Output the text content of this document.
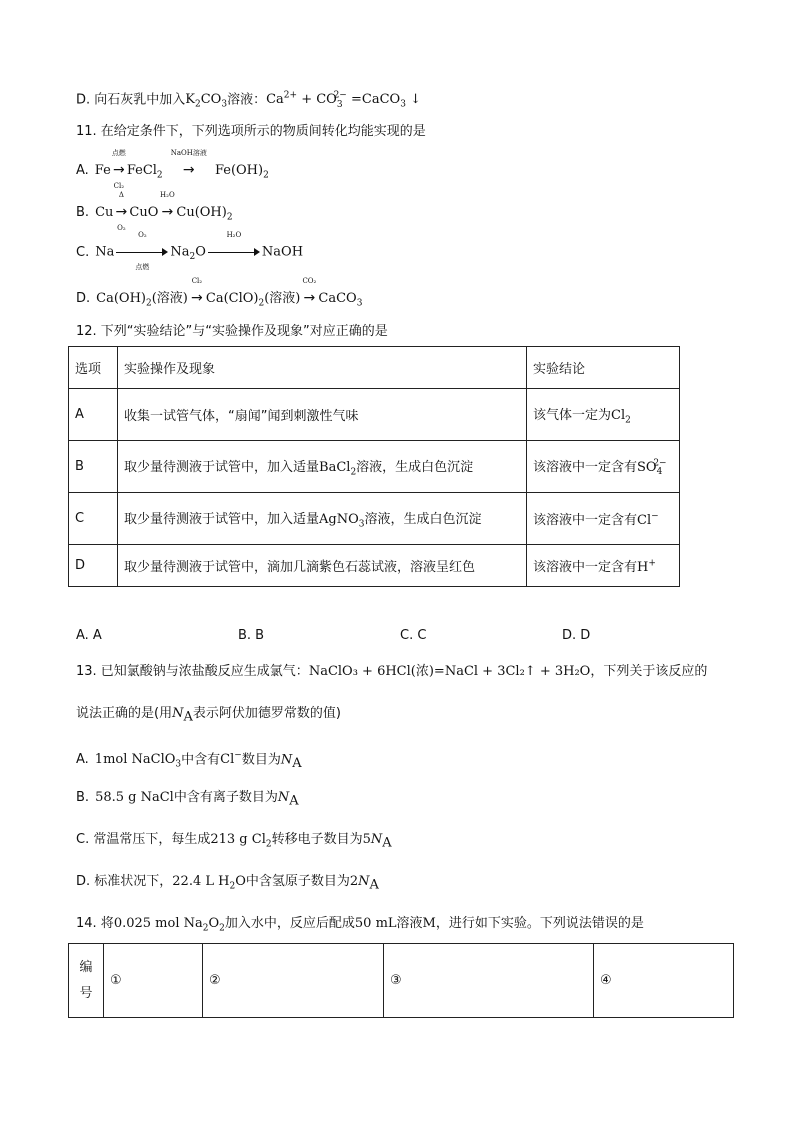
D. 向石灰乳中加入$K_2CO_3$溶液：$Ca^{2+} + CO_3^{2-}$ =CaCO$_3$ ↓
11. 在给定条件下，下列选项所示的物质间转化均能实现的是
A. Fe
点燃
→
Cl₂
FeCl$_2$
NaOH溶液
→ $Fe(OH)_2$
B. Cu
Δ
→
O₂
CuO
H₂O
→ $Cu(OH)_2$
C. Na
O₂
点燃
$Na_2O$
H₂O
NaOH
D. $Ca(OH)_2$(溶液)
Cl₂
→ $Ca(ClO)_2$(溶液)
CO₂
→ CaCO$_3$
12. 下列“实验结论”与“实验操作及现象”对应正确的是
选项	实验操作及现象	实验结论
A	收集一试管气体，“扇闻”闻到刺激性气味	该气体一定为$Cl_2$
B	取少量待测液于试管中，加入适量BaCl$_2$溶液，生成白色沉淀	该溶液中一定含有$SO_4^{2-}$
C	取少量待测液于试管中，加入适量AgNO$_3$溶液，生成白色沉淀	该溶液中一定含有Cl−
D	取少量待测液于试管中，滴加几滴紫色石蕊试液，溶液呈红色	该溶液中一定含有H+
A. A	B. B	C. C	D. D
13. 已知氯酸钠与浓盐酸反应生成氯气：NaClO₃ + 6HCl(浓)=NaCl + 3Cl₂↑ + 3H₂O，下列关于该反应的
说法正确的是(用$N_A$表示阿伏加德罗常数的值)
A. 1mol NaClO$_3$中含有Cl−数目为$N_A$
B. 58.5 g NaCl中含有离子数目为$N_A$
C. 常温常压下，每生成213 g $Cl_2$转移电子数目为$5N_A$
D. 标准状况下，22.4 L $H_2O$中含氢原子数目为$2N_A$
14. 将0.025 mol $Na_2O_2$加入水中，反应后配成50 mL溶液M，进行如下实验。下列说法错误的是
编
号	①	②	③	④
